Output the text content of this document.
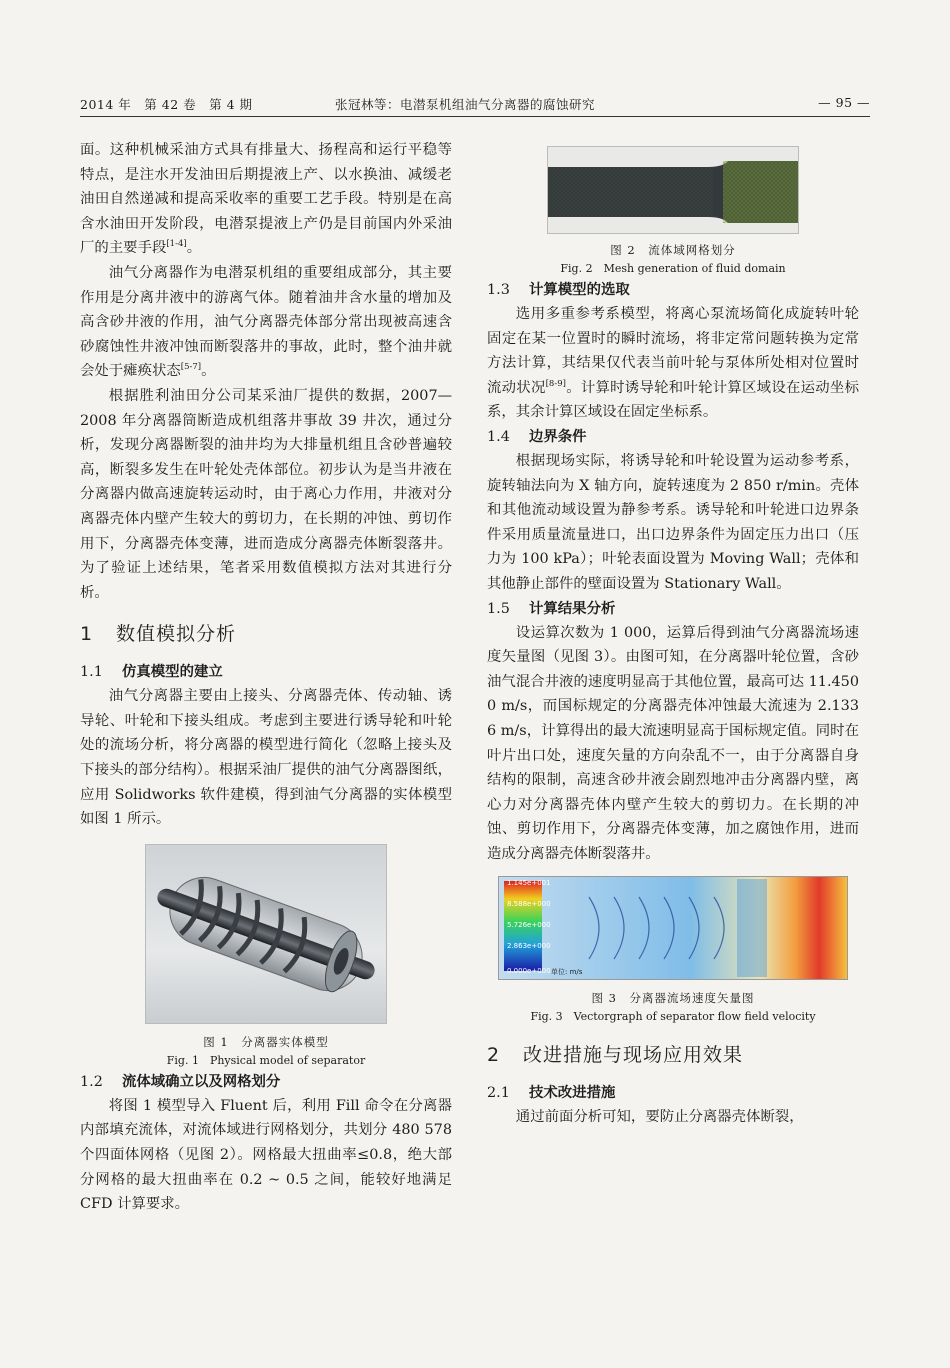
2014 年　第 42 卷　第 4 期	张冠林等：电潜泵机组油气分离器的腐蚀研究	— 95 —

面。这种机械采油方式具有排量大、扬程高和运行平稳等特点，是注水开发油田后期提液上产、以水换油、减缓老油田自然递减和提高采收率的重要工艺手段。特别是在高含水油田开发阶段，电潜泵提液上产仍是目前国内外采油厂的主要手段[1-4]。

油气分离器作为电潜泵机组的重要组成部分，其主要作用是分离井液中的游离气体。随着油井含水量的增加及高含砂井液的作用，油气分离器壳体部分常出现被高速含砂腐蚀性井液冲蚀而断裂落井的事故，此时，整个油井就会处于瘫痪状态[5-7]。

根据胜利油田分公司某采油厂提供的数据，2007—2008 年分离器筒断造成机组落井事故 39 井次，通过分析，发现分离器断裂的油井均为大排量机组且含砂普遍较高，断裂多发生在叶轮处壳体部位。初步认为是当井液在分离器内做高速旋转运动时，由于离心力作用，井液对分离器壳体内壁产生较大的剪切力，在长期的冲蚀、剪切作用下，分离器壳体变薄，进而造成分离器壳体断裂落井。为了验证上述结果，笔者采用数值模拟方法对其进行分析。

1 数值模拟分析
1.1 仿真模型的建立

油气分离器主要由上接头、分离器壳体、传动轴、诱导轮、叶轮和下接头组成。考虑到主要进行诱导轮和叶轮处的流场分析，将分离器的模型进行简化（忽略上接头及下接头的部分结构）。根据采油厂提供的油气分离器图纸，应用 Solidworks 软件建模，得到油气分离器的实体模型如图 1 所示。

图 1　分离器实体模型
Fig. 1　Physical model of separator
1.2 流体域确立以及网格划分

将图 1 模型导入 Fluent 后，利用 Fill 命令在分离器内部填充流体，对流体域进行网格划分，共划分 480 578 个四面体网格（见图 2）。网格最大扭曲率≤0.8，绝大部分网格的最大扭曲率在 0.2 ~ 0.5 之间，能较好地满足 CFD 计算要求。

图 2　流体域网格划分
Fig. 2　Mesh generation of fluid domain
1.3 计算模型的选取

选用多重参考系模型，将离心泵流场简化成旋转叶轮固定在某一位置时的瞬时流场，将非定常问题转换为定常方法计算，其结果仅代表当前叶轮与泵体所处相对位置时流动状况[8-9]。计算时诱导轮和叶轮计算区域设在运动坐标系，其余计算区域设在固定坐标系。

1.4 边界条件

根据现场实际，将诱导轮和叶轮设置为运动参考系，旋转轴法向为 X 轴方向，旋转速度为 2 850 r/min。壳体和其他流动域设置为静参考系。诱导轮和叶轮进口边界条件采用质量流量进口，出口边界条件为固定压力出口（压力为 100 kPa）；叶轮表面设置为 Moving Wall；壳体和其他静止部件的壁面设置为 Stationary Wall。

1.5 计算结果分析

设运算次数为 1 000，运算后得到油气分离器流场速度矢量图（见图 3）。由图可知，在分离器叶轮位置，含砂油气混合井液的速度明显高于其他位置，最高可达 11.450 0 m/s，而国标规定的分离器壳体冲蚀最大流速为 2.133 6 m/s，计算得出的最大流速明显高于国标规定值。同时在叶片出口处，速度矢量的方向杂乱不一，由于分离器自身结构的限制，高速含砂井液会剧烈地冲击分离器内壁，离心力对分离器壳体内壁产生较大的剪切力。在长期的冲蚀、剪切作用下，分离器壳体变薄，加之腐蚀作用，进而造成分离器壳体断裂落井。

1.145e+001
8.588e+000
5.726e+000
2.863e+000
0.000e+000 单位: m/s
图 3　分离器流场速度矢量图
Fig. 3　Vectorgraph of separator flow field velocity
2 改进措施与现场应用效果
2.1 技术改进措施

通过前面分析可知，要防止分离器壳体断裂，
